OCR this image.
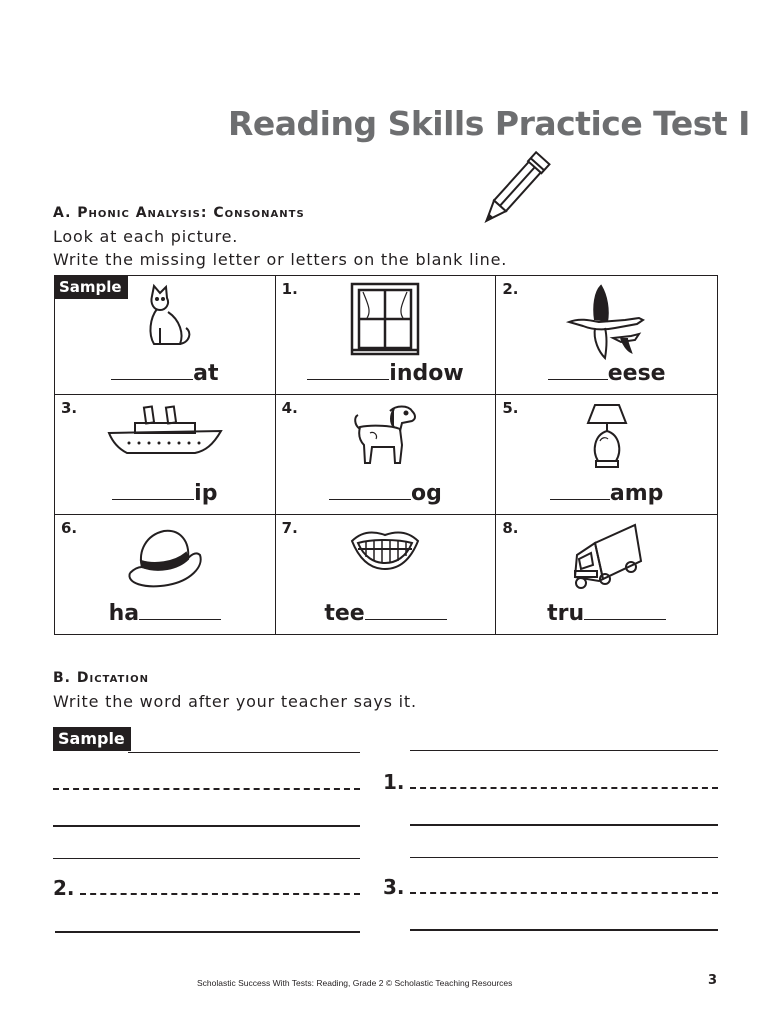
Reading Skills Practice Test I
A. Phonic Analysis: Consonants
Look at each picture.
Write the missing letter or letters on the blank line.
Sample
at
1.
indow
2.
eese
3.
ip
4.
og
5.
amp
6.
ha
7.
tee
8.
tru
B. Dictation
Write the word after your teacher says it.
Sample
1.
2.	3.
Scholastic Success With Tests: Reading, Grade 2 © Scholastic Teaching Resources	3
